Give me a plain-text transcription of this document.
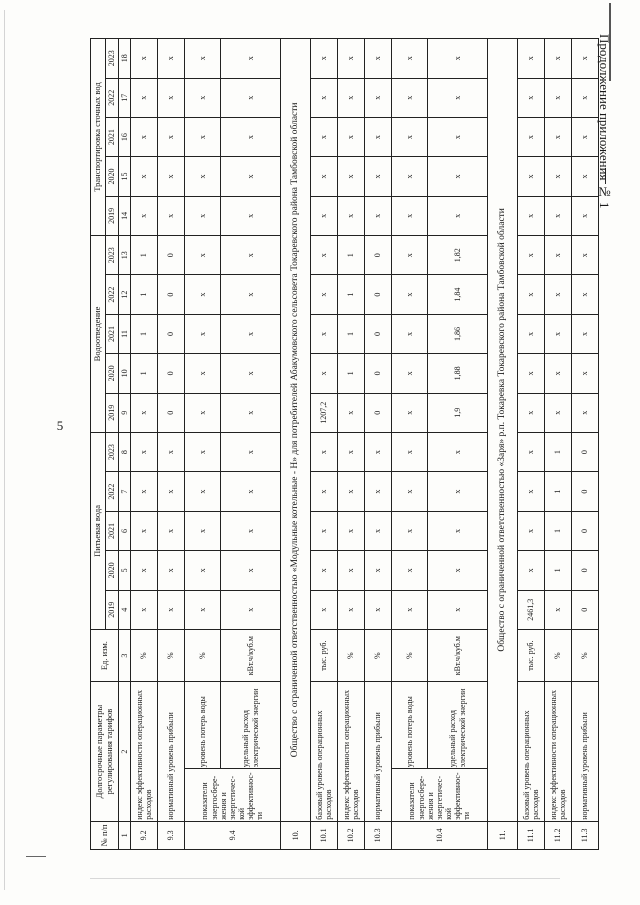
5
Продолжение приложения № 1
№ п/п	Долгосрочные параметры регулирования тарифов		Ед. изм.	Питьевая вода					Водоотведение					Транспортировка сточных вод				
				2019	2020	2021	2022	2023	2019	2020	2021	2022	2023	2019	2020	2021	2022	2023
1	2		3	4	5	6	7	8	9	10	11	12	13	14	15	16	17	18
9.2	индекс эффективности операционных расходов		%	x	x	x	x	x	x	1	1	1	1	x	x	x	x	x
9.3	нормативный уровень прибыли		%	x	x	x	x	x	0	0	0	0	0	x	x	x	x	x
9.4	показатели энергосбере-жения и энергетичес-кой эффективнос-ти	уровень потерь воды	%	x	x	x	x	x	x	x	x	x	x	x	x	x	x	x
		удельный расход электрической энергии	кВт.ч/куб.м	x	x	x	x	x	x	x	x	x	x	x	x	x	x	x
10.	Общество с ограниченной ответственностью «Модульные котельные - Н» для потребителей Абакумовского сельсовета Токаревского района Тамбовской области																	
10.1	базовый уровень операционных расходов		тыс. руб.	x	x	x	x	x	1207,2	x	x	x	x	x	x	x	x	x
10.2	индекс эффективности операционных расходов		%	x	x	x	x	x	x	1	1	1	1	x	x	x	x	x
10.3	нормативный уровень прибыли		%	x	x	x	x	x	0	0	0	0	0	x	x	x	x	x
10.4	показатели энергосбере-жения и энергетичес-кой эффективнос-ти	уровень потерь воды	%	x	x	x	x	x	x	x	x	x	x	x	x	x	x	x
		удельный расход электрической энергии	кВт.ч/куб.м	x	x	x	x	x	1,9	1,88	1,86	1,84	1,82	x	x	x	x	x
11.	Общество с ограниченной ответственностью «Заря» р.п. Токаревка Токаревского района Тамбовской области																	
11.1	базовый уровень операционных расходов		тыс. руб.	2461,3	x	x	x	x	x	x	x	x	x	x	x	x	x	x
11.2	индекс эффективности операционных расходов		%	x	1	1	1	1	x	x	x	x	x	x	x	x	x	x
11.3	нормативный уровень прибыли		%	0	0	0	0	0	x	x	x	x	x	x	x	x	x	x
